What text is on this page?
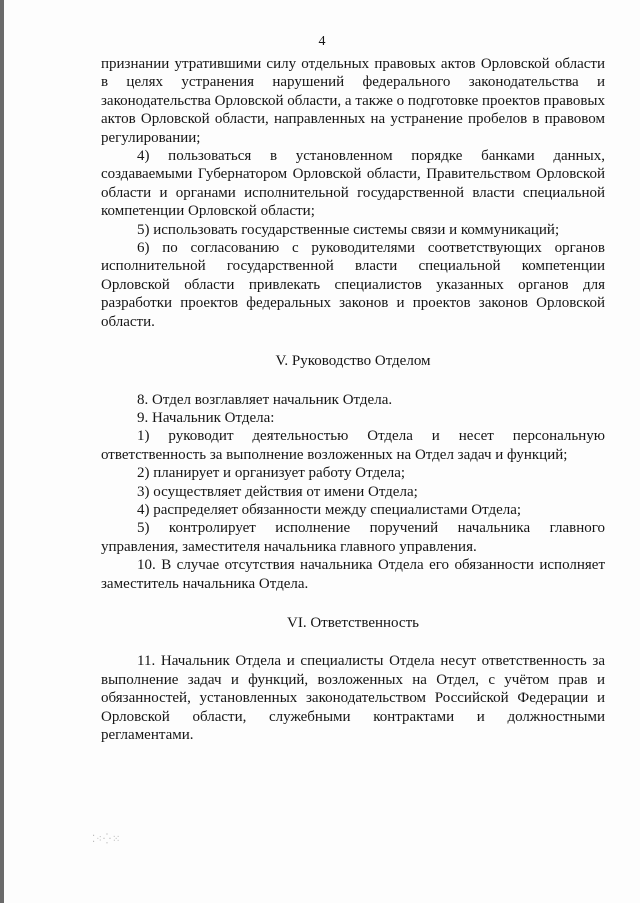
4

признании утратившими силу отдельных правовых актов Орловской области в целях устранения нарушений федерального законодательства и законодательства Орловской области, а также о подготовке проектов правовых актов Орловской области, направленных на устранение пробелов в правовом регулировании;

4) пользоваться в установленном порядке банками данных, создаваемыми Губернатором Орловской области, Правительством Орловской области и органами исполнительной государственной власти специальной компетенции Орловской области;

5) использовать государственные системы связи и коммуникаций;

6) по согласованию с руководителями соответствующих органов исполнительной государственной власти специальной компетенции Орловской области привлекать специалистов указанных органов для разработки проектов федеральных законов и проектов законов Орловской области.

V. Руководство Отделом

8. Отдел возглавляет начальник Отдела.

9. Начальник Отдела:

1) руководит деятельностью Отдела и несет персональную ответственность за выполнение возложенных на Отдел задач и функций;

2) планирует и организует работу Отдела;

3) осуществляет действия от имени Отдела;

4) распределяет обязанности между специалистами Отдела;

5) контролирует исполнение поручений начальника главного управления, заместителя начальника главного управления.

10. В случае отсутствия начальника Отдела его обязанности исполняет заместитель начальника Отдела.

VI. Ответственность

11. Начальник Отдела и специалисты Отдела несут ответственность за выполнение задач и функций, возложенных на Отдел, с учётом прав и обязанностей, установленных законодательством Российской Федерации и Орловской области, служебными контрактами и должностными регламентами.

⁚⁖⁛⁙
